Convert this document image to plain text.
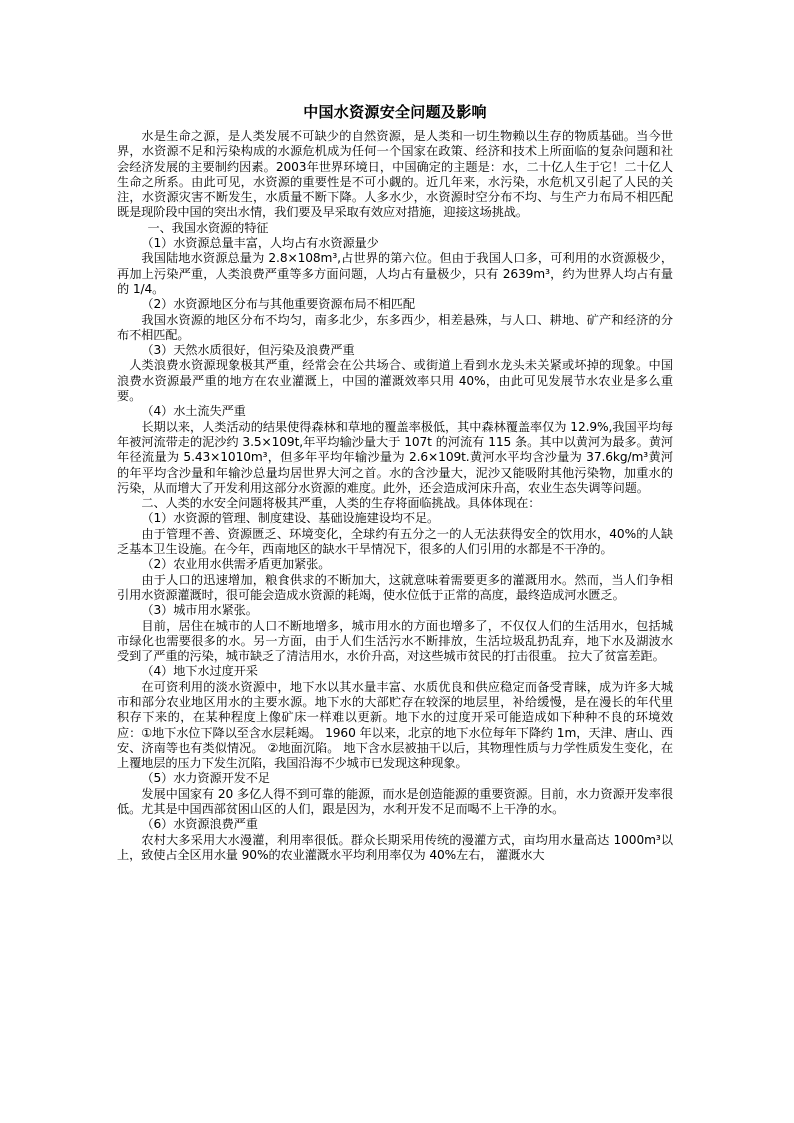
中国水资源安全问题及影响

水是生命之源，是人类发展不可缺少的自然资源，是人类和一切生物赖以生存的物质基础。当今世界，水资源不足和污染构成的水源危机成为任何一个国家在政策、经济和技术上所面临的复杂问题和社会经济发展的主要制约因素。2003年世界环境日，中国确定的主题是：水，二十亿人生于它！二十亿人生命之所系。由此可见，水资源的重要性是不可小觑的。近几年来，水污染，水危机又引起了人民的关注，水资源灾害不断发生，水质量不断下降。人多水少，水资源时空分布不均、与生产力布局不相匹配既是现阶段中国的突出水情，我们要及早采取有效应对措施，迎接这场挑战。

一、我国水资源的特征

（1）水资源总量丰富，人均占有水资源量少

我国陆地水资源总量为 2.8×108m³,占世界的第六位。但由于我国人口多，可利用的水资源极少，再加上污染严重，人类浪费严重等多方面问题，人均占有量极少，只有 2639m³，约为世界人均占有量的 1/4。

（2）水资源地区分布与其他重要资源布局不相匹配

我国水资源的地区分布不均匀，南多北少，东多西少，相差悬殊，与人口、耕地、矿产和经济的分布不相匹配。

（3）天然水质很好，但污染及浪费严重

人类浪费水资源现象极其严重，经常会在公共场合、或街道上看到水龙头未关紧或坏掉的现象。中国浪费水资源最严重的地方在农业灌溉上，中国的灌溉效率只用 40%，由此可见发展节水农业是多么重要。

（4）水土流失严重

长期以来，人类活动的结果使得森林和草地的覆盖率极低，其中森林覆盖率仅为 12.9%,我国平均每年被河流带走的泥沙约 3.5×109t,年平均输沙量大于 107t 的河流有 115 条。其中以黄河为最多。黄河年径流量为 5.43×1010m³，但多年平均年输沙量为 2.6×109t.黄河水平均含沙量为 37.6kg/m³黄河的年平均含沙量和年输沙总量均居世界大河之首。水的含沙量大，泥沙又能吸附其他污染物，加重水的污染，从而增大了开发利用这部分水资源的难度。此外，还会造成河床升高，农业生态失调等问题。

二、人类的水安全问题将极其严重，人类的生存将面临挑战。具体体现在：

（1）水资源的管理、制度建设、基础设施建设均不足。

由于管理不善、资源匮乏、环境变化，全球约有五分之一的人无法获得安全的饮用水，40%的人缺乏基本卫生设施。在今年，西南地区的缺水干旱情况下，很多的人们引用的水都是不干净的。

（2）农业用水供需矛盾更加紧张。

由于人口的迅速增加，粮食供求的不断加大，这就意味着需要更多的灌溉用水。然而，当人们争相引用水资源灌溉时，很可能会造成水资源的耗竭，使水位低于正常的高度，最终造成河水匮乏。

（3）城市用水紧张。

目前，居住在城市的人口不断地增多，城市用水的方面也增多了，不仅仅人们的生活用水，包括城市绿化也需要很多的水。另一方面，由于人们生活污水不断排放，生活垃圾乱扔乱弃，地下水及湖波水受到了严重的污染，城市缺乏了清洁用水，水价升高，对这些城市贫民的打击很重。 拉大了贫富差距。

（4）地下水过度开采

在可资利用的淡水资源中，地下水以其水量丰富、水质优良和供应稳定而备受青睐，成为许多大城市和部分农业地区用水的主要水源。地下水的大部贮存在较深的地层里，补给缓慢，是在漫长的年代里积存下来的，在某种程度上像矿床一样难以更新。地下水的过度开采可能造成如下种种不良的环境效应：①地下水位下降以至含水层耗竭。 1960 年以来，北京的地下水位每年下降约 1m，天津、唐山、西安、济南等也有类似情况。 ②地面沉陷。 地下含水层被抽干以后，其物理性质与力学性质发生变化，在上覆地层的压力下发生沉陷，我国沿海不少城市已发现这种现象。

（5）水力资源开发不足

发展中国家有 20 多亿人得不到可靠的能源，而水是创造能源的重要资源。目前，水力资源开发率很低。尤其是中国西部贫困山区的人们，跟是因为，水利开发不足而喝不上干净的水。

（6）水资源浪费严重

农村大多采用大水漫灌，利用率很低。群众长期采用传统的漫灌方式，亩均用水量高达 1000m³以上，致使占全区用水量 90%的农业灌溉水平均利用率仅为 40%左右， 灌溉水大
